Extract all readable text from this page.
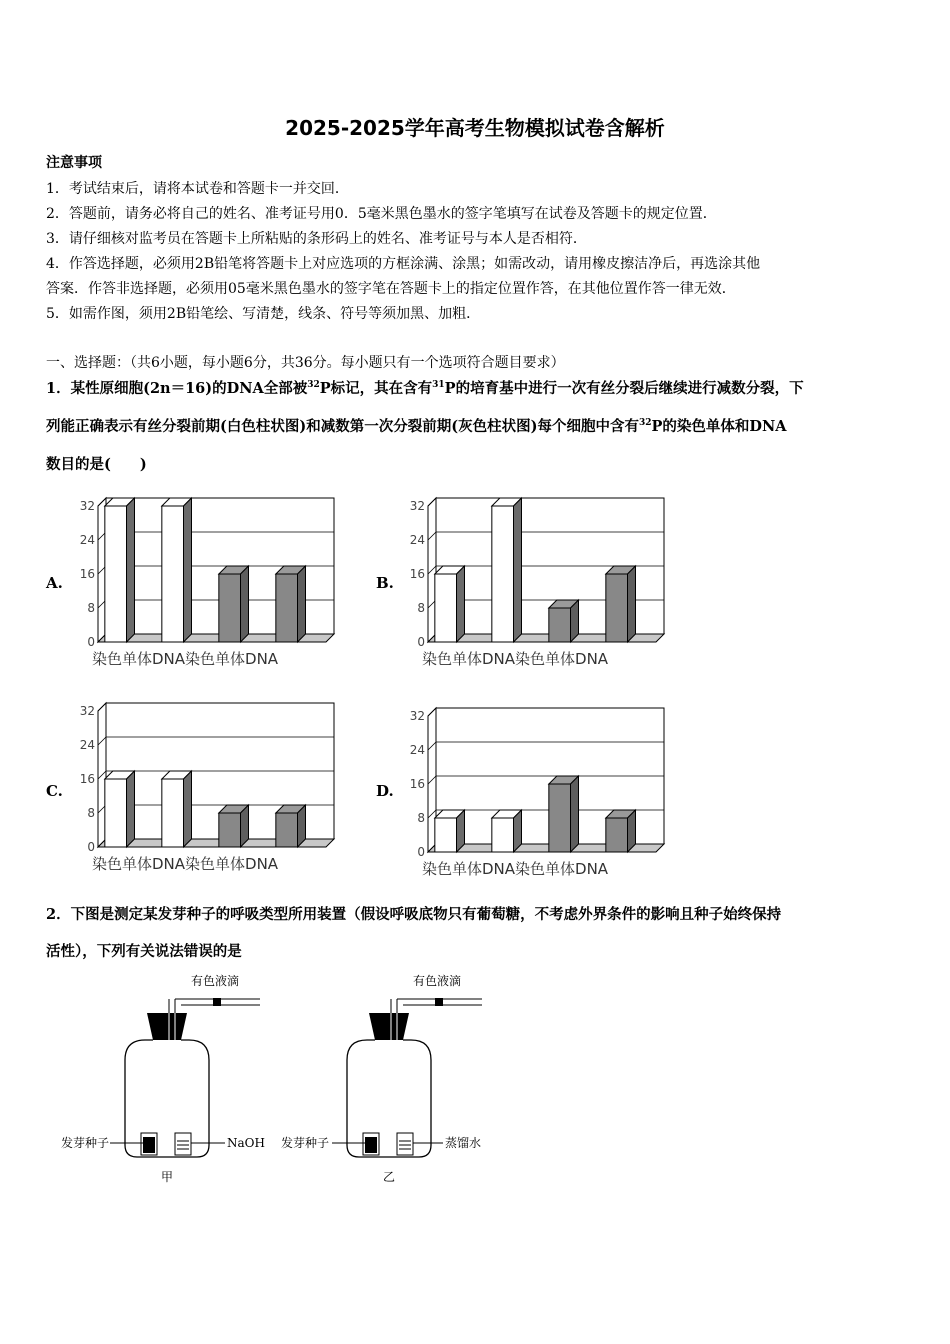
2025-2025学年高考生物模拟试卷含解析
注意事项
1．考试结束后，请将本试卷和答题卡一并交回．
2．答题前，请务必将自己的姓名、准考证号用0．5毫米黑色墨水的签字笔填写在试卷及答题卡的规定位置．
3．请仔细核对监考员在答题卡上所粘贴的条形码上的姓名、准考证号与本人是否相符．
4．作答选择题，必须用2B铅笔将答题卡上对应选项的方框涂满、涂黑；如需改动，请用橡皮擦洁净后，再选涂其他
答案．作答非选择题，必须用05毫米黑色墨水的签字笔在答题卡上的指定位置作答，在其他位置作答一律无效．
5．如需作图，须用2B铅笔绘、写清楚，线条、符号等须加黑、加粗．
一、选择题：（共6小题，每小题6分，共36分。每小题只有一个选项符合题目要求）
1．某性原细胞(2n＝16)的DNA全部被$^{32}$P标记，其在含有$^{31}$P的培育基中进行一次有丝分裂后继续进行减数分裂，下
列能正确表示有丝分裂前期(白色柱状图)和减数第一次分裂前期(灰色柱状图)每个细胞中含有$^{32}$P的染色单体和DNA
数目的是(　　)
A.	B.
C.	D.
32
24
16
8
0
染色单体DNA染色单体DNA
32
24
16
8
0
染色单体DNA染色单体DNA
32
24
16
8
0
染色单体DNA染色单体DNA
32
24
16
8
0
染色单体DNA染色单体DNA
2．下图是测定某发芽种子的呼吸类型所用装置（假设呼吸底物只有葡萄糖，不考虑外界条件的影响且种子始终保持
活性），下列有关说法错误的是
有色液滴
发芽种子	NaOH
甲
有色液滴
发芽种子	蒸馏水
乙
